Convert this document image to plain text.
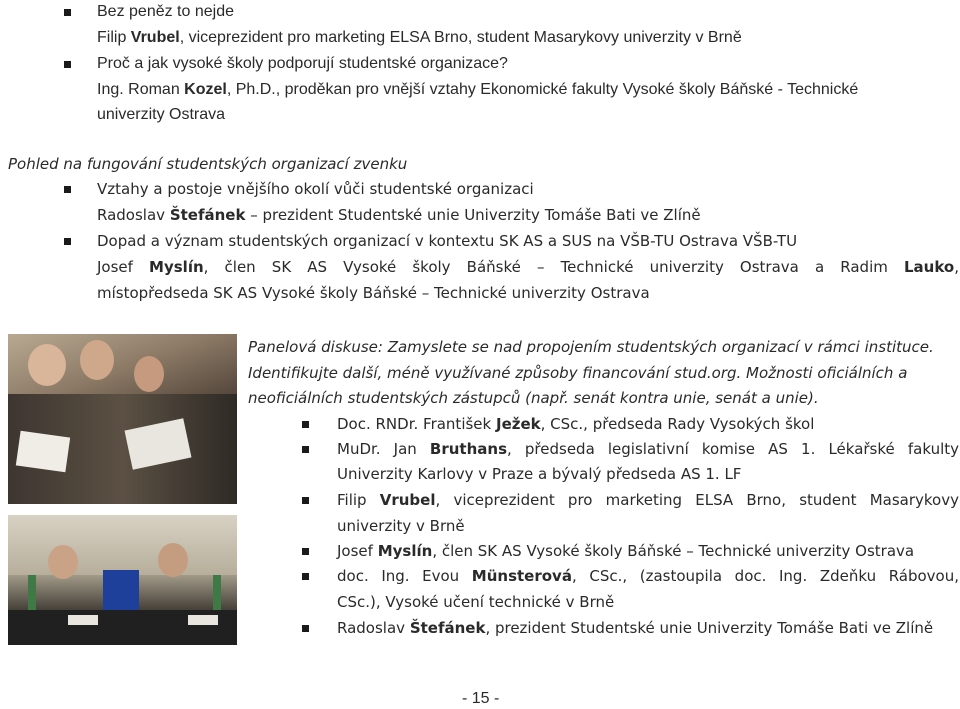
Bez peněz to nejde
Filip Vrubel, viceprezident pro marketing ELSA Brno, student Masarykovy univerzity v Brně
Proč a jak vysoké školy podporují studentské organizace?
Ing. Roman Kozel, Ph.D., proděkan pro vnější vztahy Ekonomické fakulty Vysoké školy Báňské - Technické
univerzity Ostrava
Pohled na fungování studentských organizací zvenku
Vztahy a postoje vnějšího okolí vůči studentské organizaci
Radoslav Štefánek – prezident Studentské unie Univerzity Tomáše Bati ve Zlíně
Dopad a význam studentských organizací v kontextu SK AS a SUS na VŠB-TU Ostrava VŠB-TU
Josef Myslín, člen SK AS Vysoké školy Báňské – Technické univerzity Ostrava a Radim Lauko,
místopředseda SK AS Vysoké školy Báňské – Technické univerzity Ostrava
Panelová diskuse: Zamyslete se nad propojením studentských organizací v rámci instituce.
Identifikujte další, méně využívané způsoby financování stud.org. Možnosti oficiálních a
neoficiálních studentských zástupců (např. senát kontra unie, senát a unie).
Doc. RNDr. František Ježek, CSc., předseda Rady Vysokých škol
MuDr. Jan Bruthans, předseda legislativní komise AS 1. Lékařské fakulty
Univerzity Karlovy v Praze a bývalý předseda AS 1. LF
Filip Vrubel, viceprezident pro marketing ELSA Brno, student Masarykovy
univerzity v Brně
Josef Myslín, člen SK AS Vysoké školy Báňské – Technické univerzity Ostrava
doc. Ing. Evou Münsterová, CSc., (zastoupila doc. Ing. Zdeňku Rábovou,
CSc.), Vysoké učení technické v Brně
Radoslav Štefánek, prezident Studentské unie Univerzity Tomáše Bati ve Zlíně
- 15 -
